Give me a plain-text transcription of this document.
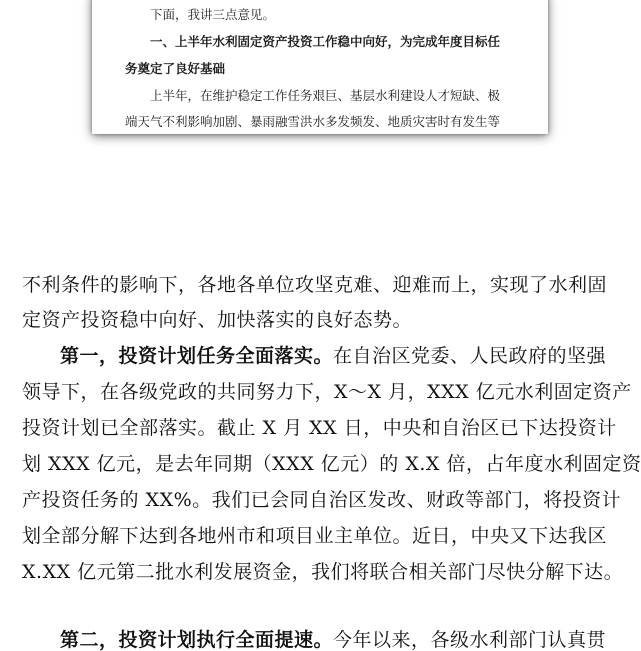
下面，我讲三点意见。
一、上半年水利固定资产投资工作稳中向好，为完成年度目标任
务奠定了良好基础
上半年，在维护稳定工作任务艰巨、基层水利建设人才短缺、极
端天气不利影响加剧、暴雨融雪洪水多发频发、地质灾害时有发生等
不利条件的影响下，各地各单位攻坚克难、迎难而上，实现了水利固
定资产投资稳中向好、加快落实的良好态势。
第一，投资计划任务全面落实。在自治区党委、人民政府的坚强
领导下，在各级党政的共同努力下，X～X 月，XXX 亿元水利固定资产
投资计划已全部落实。截止 X 月 XX 日，中央和自治区已下达投资计
划 XXX 亿元，是去年同期（XXX 亿元）的 X.X 倍，占年度水利固定资
产投资任务的 XX%。我们已会同自治区发改、财政等部门，将投资计
划全部分解下达到各地州市和项目业主单位。近日，中央又下达我区
X.XX 亿元第二批水利发展资金，我们将联合相关部门尽快分解下达。
第二，投资计划执行全面提速。今年以来，各级水利部门认真贯
